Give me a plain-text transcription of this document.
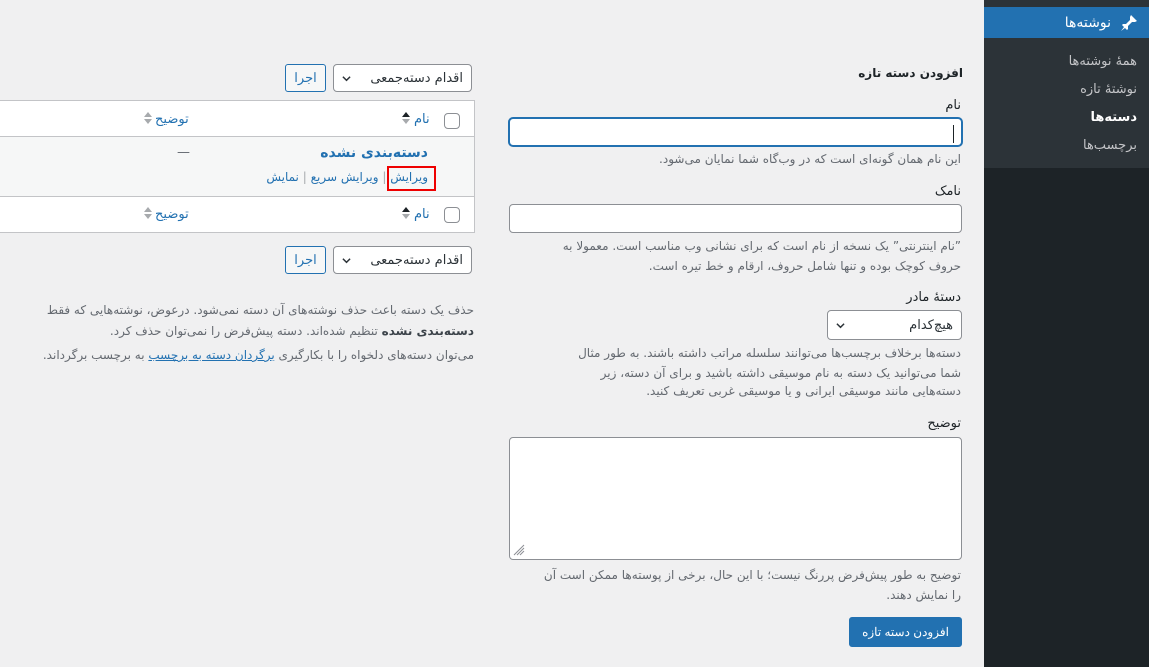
نوشته‌ها
همهٔ نوشته‌ها
نوشتهٔ تازه
دسته‌ها
برچسب‌ها
افزودن دسته تازه
نام

این نام همان گونه‌ای است که در وب‌گاه شما نمایان می‌شود.

نامک

”نام اینترنتی” یک نسخه از نام است که برای نشانی وب مناسب است. معمولا به

حروف کوچک بوده و تنها شامل حروف، ارقام و خط تیره است.

دستهٔ مادر
هیچ‌کدام

دسته‌ها برخلاف برچسب‌ها می‌توانند سلسله مراتب داشته باشند. به طور مثال

شما می‌توانید یک دسته به نام موسیقی داشته باشید و برای آن دسته، زیر

دسته‌هایی مانند موسیقی ایرانی و یا موسیقی غربی تعریف کنید.

توضیح

توضیح به طور پیش‌فرض پررنگ نیست؛ با این حال، برخی از پوسته‌ها ممکن است آن

را نمایش دهند.

افزودن دسته تازه
اقدام دسته‌جمعی
اجرا
نام
توضیح
دسته‌بندی نشده
—
ویرایش | ویرایش سریع | نمایش
نام
توضیح
اقدام دسته‌جمعی
اجرا
حذف یک دسته باعث حذف نوشته‌های آن دسته نمی‌شود. درعوض، نوشته‌هایی که فقط
دسته‌بندی نشده تنظیم شده‌اند. دسته پیش‌فرض را نمی‌توان حذف کرد.
می‌توان دسته‌های دلخواه را با بکارگیری برگردان دسته به برچسب به برچسب برگرداند.
